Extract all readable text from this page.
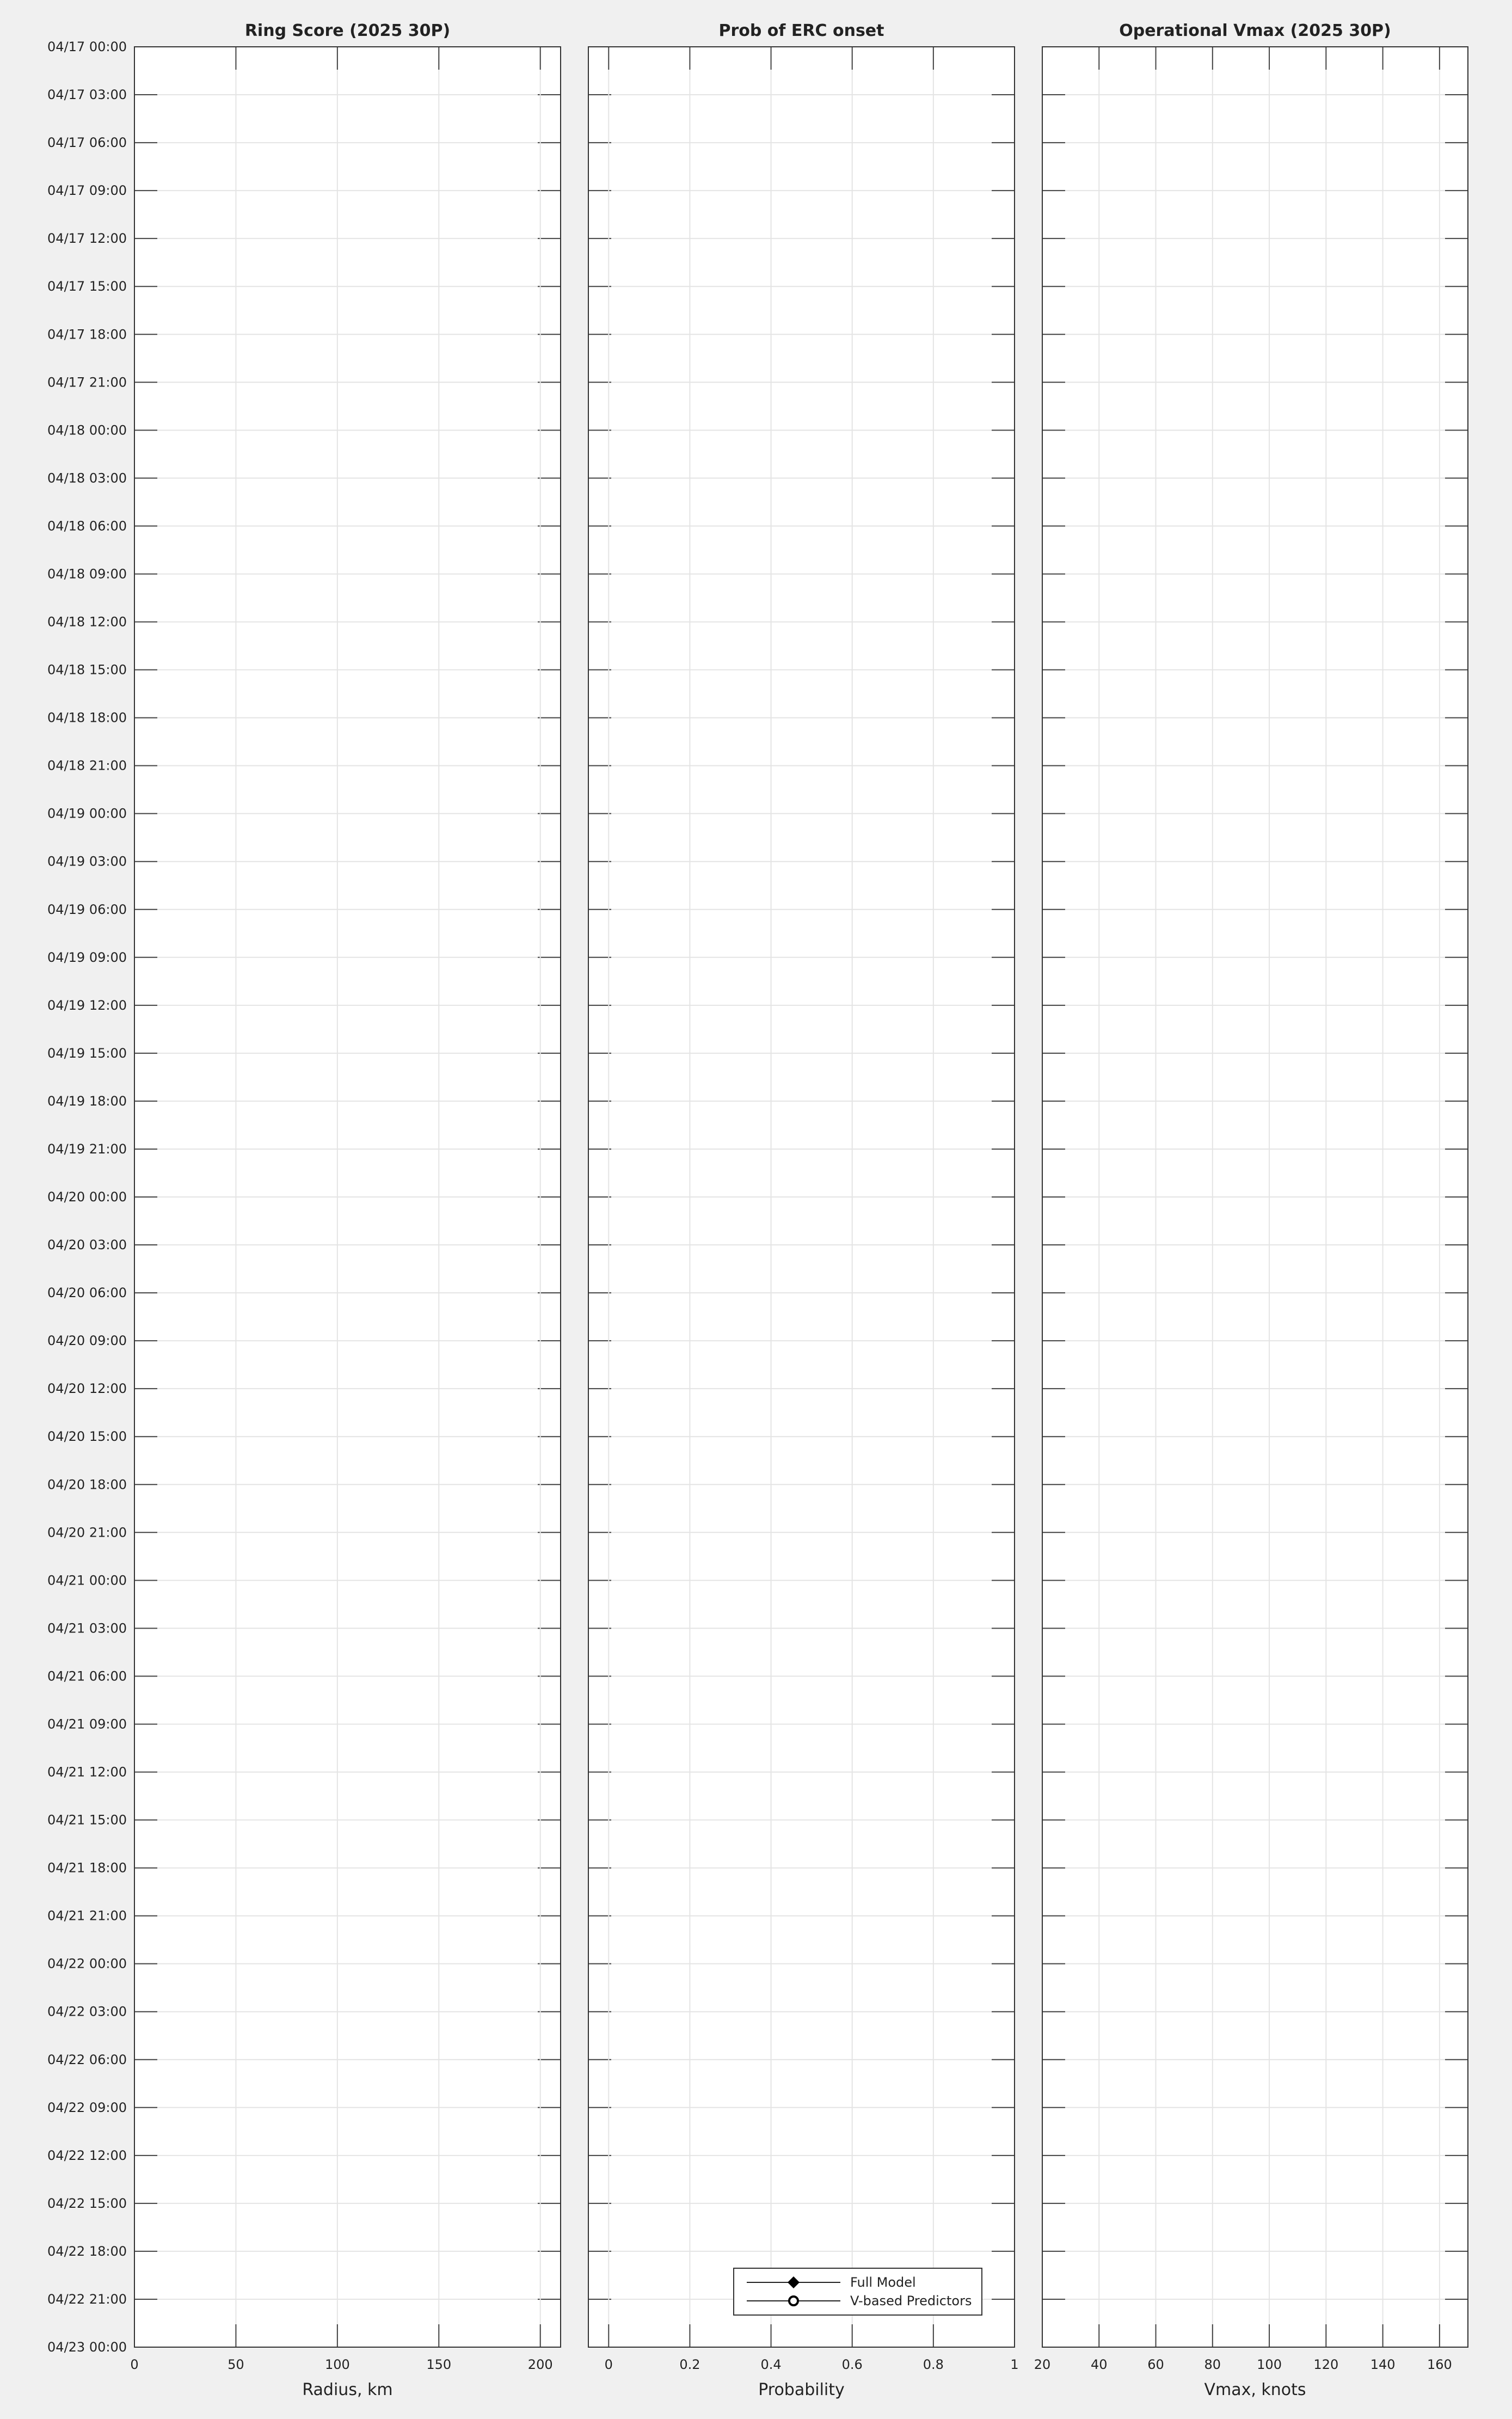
0	50	100	150	200
Ring Score (2025 30P)
Radius, km
04/17 00:00
04/17 03:00
04/17 06:00
04/17 09:00
04/17 12:00
04/17 15:00
04/17 18:00
04/17 21:00
04/18 00:00
04/18 03:00
04/18 06:00
04/18 09:00
04/18 12:00
04/18 15:00
04/18 18:00
04/18 21:00
04/19 00:00
04/19 03:00
04/19 06:00
04/19 09:00
04/19 12:00
04/19 15:00
04/19 18:00
04/19 21:00
04/20 00:00
04/20 03:00
04/20 06:00
04/20 09:00
04/20 12:00
04/20 15:00
04/20 18:00
04/20 21:00
04/21 00:00
04/21 03:00
04/21 06:00
04/21 09:00
04/21 12:00
04/21 15:00
04/21 18:00
04/21 21:00
04/22 00:00
04/22 03:00
04/22 06:00
04/22 09:00
04/22 12:00
04/22 15:00
04/22 18:00
04/22 21:00
04/23 00:00
0	0.2	0.4	0.6	0.8	1
Prob of ERC onset
Probability
Full Model
V-based Predictors
20	40	60	80	100 120 140 160
Operational Vmax (2025 30P)
Vmax, knots
